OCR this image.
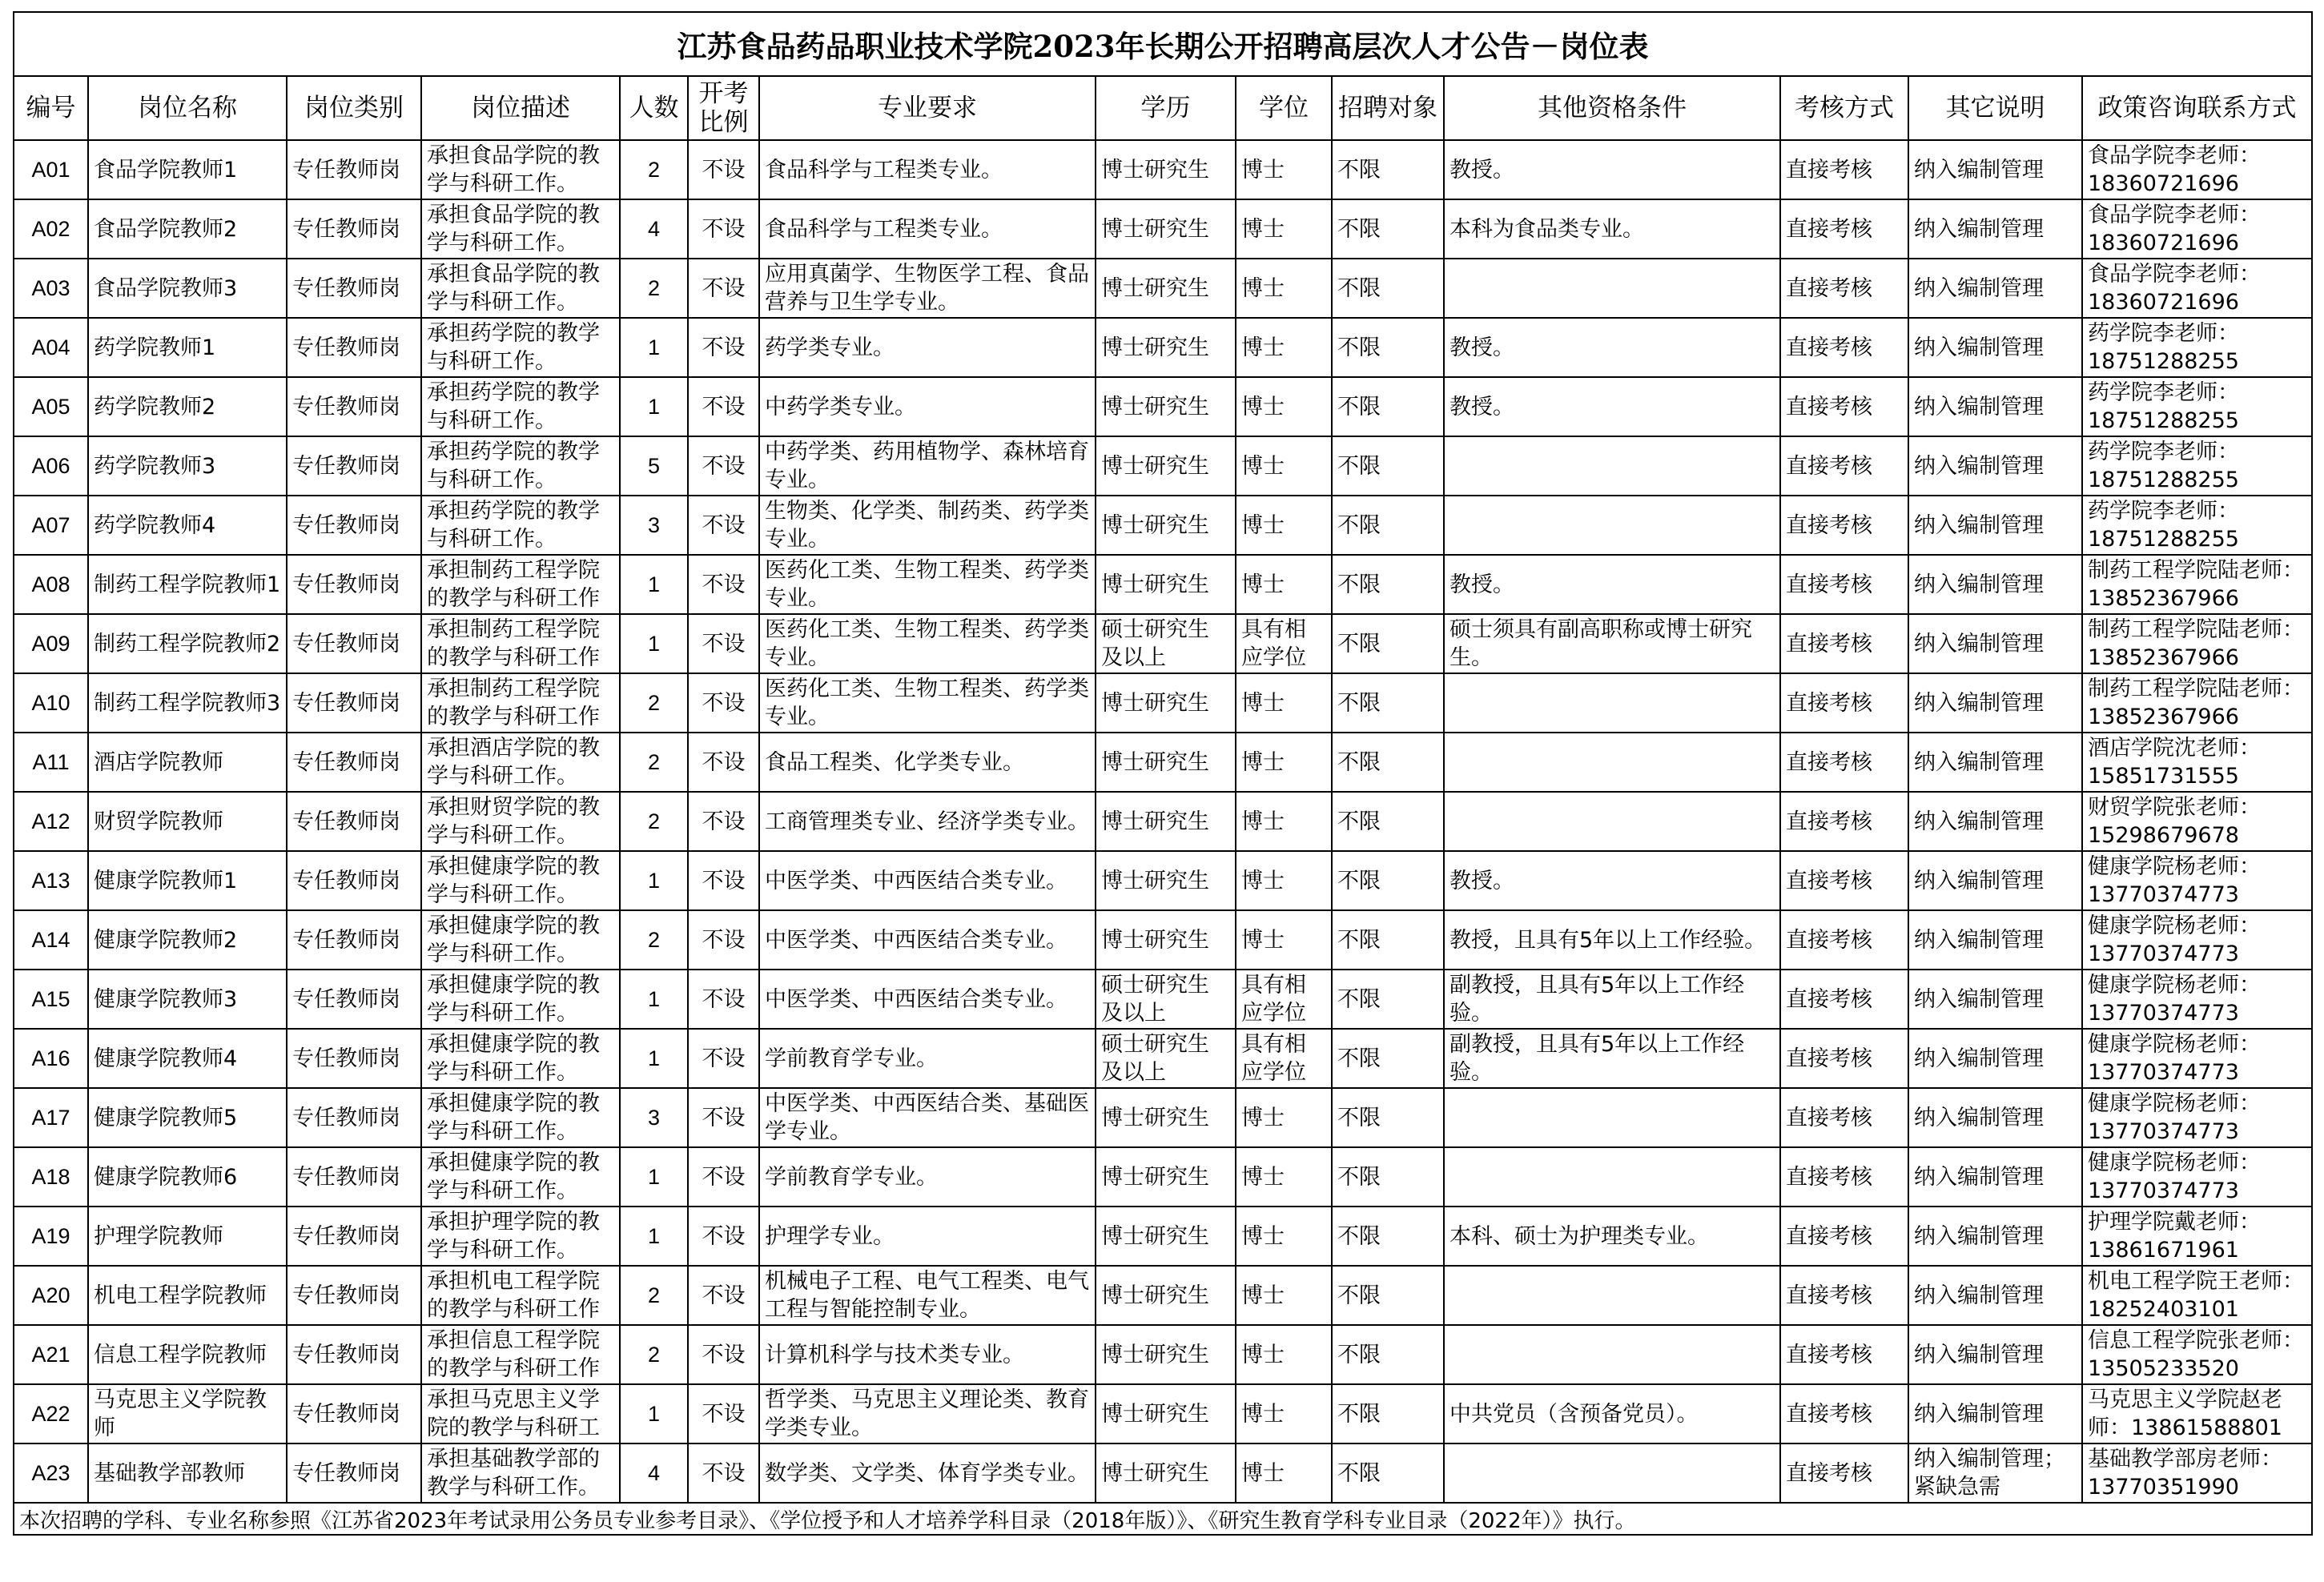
江苏食品药品职业技术学院2023年长期公开招聘高层次人才公告－岗位表													
编号	岗位名称	岗位类别	岗位描述	人数	开考比例	专业要求	学历	学位	招聘对象	其他资格条件	考核方式	其它说明	政策咨询联系方式
A01	食品学院教师1	专任教师岗	承担食品学院的教学与科研工作。	2	不设	食品科学与工程类专业。	博士研究生	博士	不限	教授。	直接考核	纳入编制管理	食品学院李老师：18360721696
A02	食品学院教师2	专任教师岗	承担食品学院的教学与科研工作。	4	不设	食品科学与工程类专业。	博士研究生	博士	不限	本科为食品类专业。	直接考核	纳入编制管理	食品学院李老师：18360721696
A03	食品学院教师3	专任教师岗	承担食品学院的教学与科研工作。	2	不设	应用真菌学、生物医学工程、食品营养与卫生学专业。	博士研究生	博士	不限		直接考核	纳入编制管理	食品学院李老师：18360721696
A04	药学院教师1	专任教师岗	承担药学院的教学与科研工作。	1	不设	药学类专业。	博士研究生	博士	不限	教授。	直接考核	纳入编制管理	药学院李老师：18751288255
A05	药学院教师2	专任教师岗	承担药学院的教学与科研工作。	1	不设	中药学类专业。	博士研究生	博士	不限	教授。	直接考核	纳入编制管理	药学院李老师：18751288255
A06	药学院教师3	专任教师岗	承担药学院的教学与科研工作。	5	不设	中药学类、药用植物学、森林培育专业。	博士研究生	博士	不限		直接考核	纳入编制管理	药学院李老师：18751288255
A07	药学院教师4	专任教师岗	承担药学院的教学与科研工作。	3	不设	生物类、化学类、制药类、药学类专业。	博士研究生	博士	不限		直接考核	纳入编制管理	药学院李老师：18751288255
A08	制药工程学院教师1	专任教师岗	承担制药工程学院的教学与科研工作	1	不设	医药化工类、生物工程类、药学类专业。	博士研究生	博士	不限	教授。	直接考核	纳入编制管理	制药工程学院陆老师：13852367966
A09	制药工程学院教师2	专任教师岗	承担制药工程学院的教学与科研工作	1	不设	医药化工类、生物工程类、药学类专业。	硕士研究生及以上	具有相应学位	不限	硕士须具有副高职称或博士研究生。	直接考核	纳入编制管理	制药工程学院陆老师：13852367966
A10	制药工程学院教师3	专任教师岗	承担制药工程学院的教学与科研工作	2	不设	医药化工类、生物工程类、药学类专业。	博士研究生	博士	不限		直接考核	纳入编制管理	制药工程学院陆老师：13852367966
A11	酒店学院教师	专任教师岗	承担酒店学院的教学与科研工作。	2	不设	食品工程类、化学类专业。	博士研究生	博士	不限		直接考核	纳入编制管理	酒店学院沈老师：15851731555
A12	财贸学院教师	专任教师岗	承担财贸学院的教学与科研工作。	2	不设	工商管理类专业、经济学类专业。	博士研究生	博士	不限		直接考核	纳入编制管理	财贸学院张老师：15298679678
A13	健康学院教师1	专任教师岗	承担健康学院的教学与科研工作。	1	不设	中医学类、中西医结合类专业。	博士研究生	博士	不限	教授。	直接考核	纳入编制管理	健康学院杨老师：13770374773
A14	健康学院教师2	专任教师岗	承担健康学院的教学与科研工作。	2	不设	中医学类、中西医结合类专业。	博士研究生	博士	不限	教授，且具有5年以上工作经验。	直接考核	纳入编制管理	健康学院杨老师：13770374773
A15	健康学院教师3	专任教师岗	承担健康学院的教学与科研工作。	1	不设	中医学类、中西医结合类专业。	硕士研究生及以上	具有相应学位	不限	副教授，且具有5年以上工作经验。	直接考核	纳入编制管理	健康学院杨老师：13770374773
A16	健康学院教师4	专任教师岗	承担健康学院的教学与科研工作。	1	不设	学前教育学专业。	硕士研究生及以上	具有相应学位	不限	副教授，且具有5年以上工作经验。	直接考核	纳入编制管理	健康学院杨老师：13770374773
A17	健康学院教师5	专任教师岗	承担健康学院的教学与科研工作。	3	不设	中医学类、中西医结合类、基础医学专业。	博士研究生	博士	不限		直接考核	纳入编制管理	健康学院杨老师：13770374773
A18	健康学院教师6	专任教师岗	承担健康学院的教学与科研工作。	1	不设	学前教育学专业。	博士研究生	博士	不限		直接考核	纳入编制管理	健康学院杨老师：13770374773
A19	护理学院教师	专任教师岗	承担护理学院的教学与科研工作。	1	不设	护理学专业。	博士研究生	博士	不限	本科、硕士为护理类专业。	直接考核	纳入编制管理	护理学院戴老师：13861671961
A20	机电工程学院教师	专任教师岗	承担机电工程学院的教学与科研工作	2	不设	机械电子工程、电气工程类、电气工程与智能控制专业。	博士研究生	博士	不限		直接考核	纳入编制管理	机电工程学院王老师：18252403101
A21	信息工程学院教师	专任教师岗	承担信息工程学院的教学与科研工作	2	不设	计算机科学与技术类专业。	博士研究生	博士	不限		直接考核	纳入编制管理	信息工程学院张老师：13505233520
A22	马克思主义学院教师	专任教师岗	承担马克思主义学院的教学与科研工	1	不设	哲学类、马克思主义理论类、教育学类专业。	博士研究生	博士	不限	中共党员（含预备党员）。	直接考核	纳入编制管理	马克思主义学院赵老师：13861588801
A23	基础教学部教师	专任教师岗	承担基础教学部的教学与科研工作。	4	不设	数学类、文学类、体育学类专业。	博士研究生	博士	不限		直接考核	纳入编制管理；紧缺急需	基础教学部房老师：13770351990
本次招聘的学科、专业名称参照《江苏省2023年考试录用公务员专业参考目录》、《学位授予和人才培养学科目录（2018年版）》、《研究生教育学科专业目录（2022年）》执行。													
